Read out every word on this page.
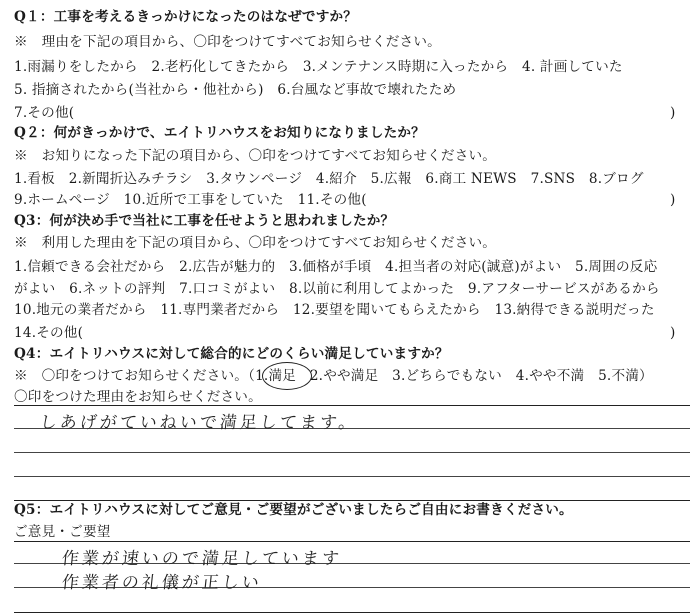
Q１：工事を考えるきっかけになったのはなぜですか？
※　理由を下記の項目から、〇印をつけてすべてお知らせください。
1.雨漏りをしたから　2.老朽化してきたから　3.メンテナンス時期に入ったから　4. 計画していた
5. 指摘されたから(当社から・他社から)　6.台風など事故で壊れたため
7.その他(	)
Q２：何がきっかけで、エイトリハウスをお知りになりましたか？
※　お知りになった下記の項目から、〇印をつけてすべてお知らせください。
1.看板　2.新聞折込みチラシ　3.タウンページ　4.紹介　5.広報　6.商工 NEWS　7.SNS　8.ブログ
9.ホームページ　10.近所で工事をしていた　11.その他(	)
Q3：何が決め手で当社に工事を任せようと思われましたか？
※　利用した理由を下記の項目から、〇印をつけてすべてお知らせください。
1.信頼できる会社だから　2.広告が魅力的　3.価格が手頃　4.担当者の対応(誠意)がよい　5.周囲の反応
がよい　6.ネットの評判　7.口コミがよい　8.以前に利用してよかった　9.アフターサービスがあるから
10.地元の業者だから　11.専門業者だから　12.要望を聞いてもらえたから　13.納得できる説明だった
14.その他(	)
Q4：エイトリハウスに対して総合的にどのくらい満足していますか？
※　〇印をつけてお知らせください。（1.満足　2.やや満足　3.どちらでもない　4.やや不満　5.不満）
〇印をつけた理由をお知らせください。
しあげがていねいで満足してます。
Q5：エイトリハウスに対してご意見・ご要望がございましたらご自由にお書きください。
ご意見・ご要望
作業が速いので満足しています
作業者の礼儀が正しい
